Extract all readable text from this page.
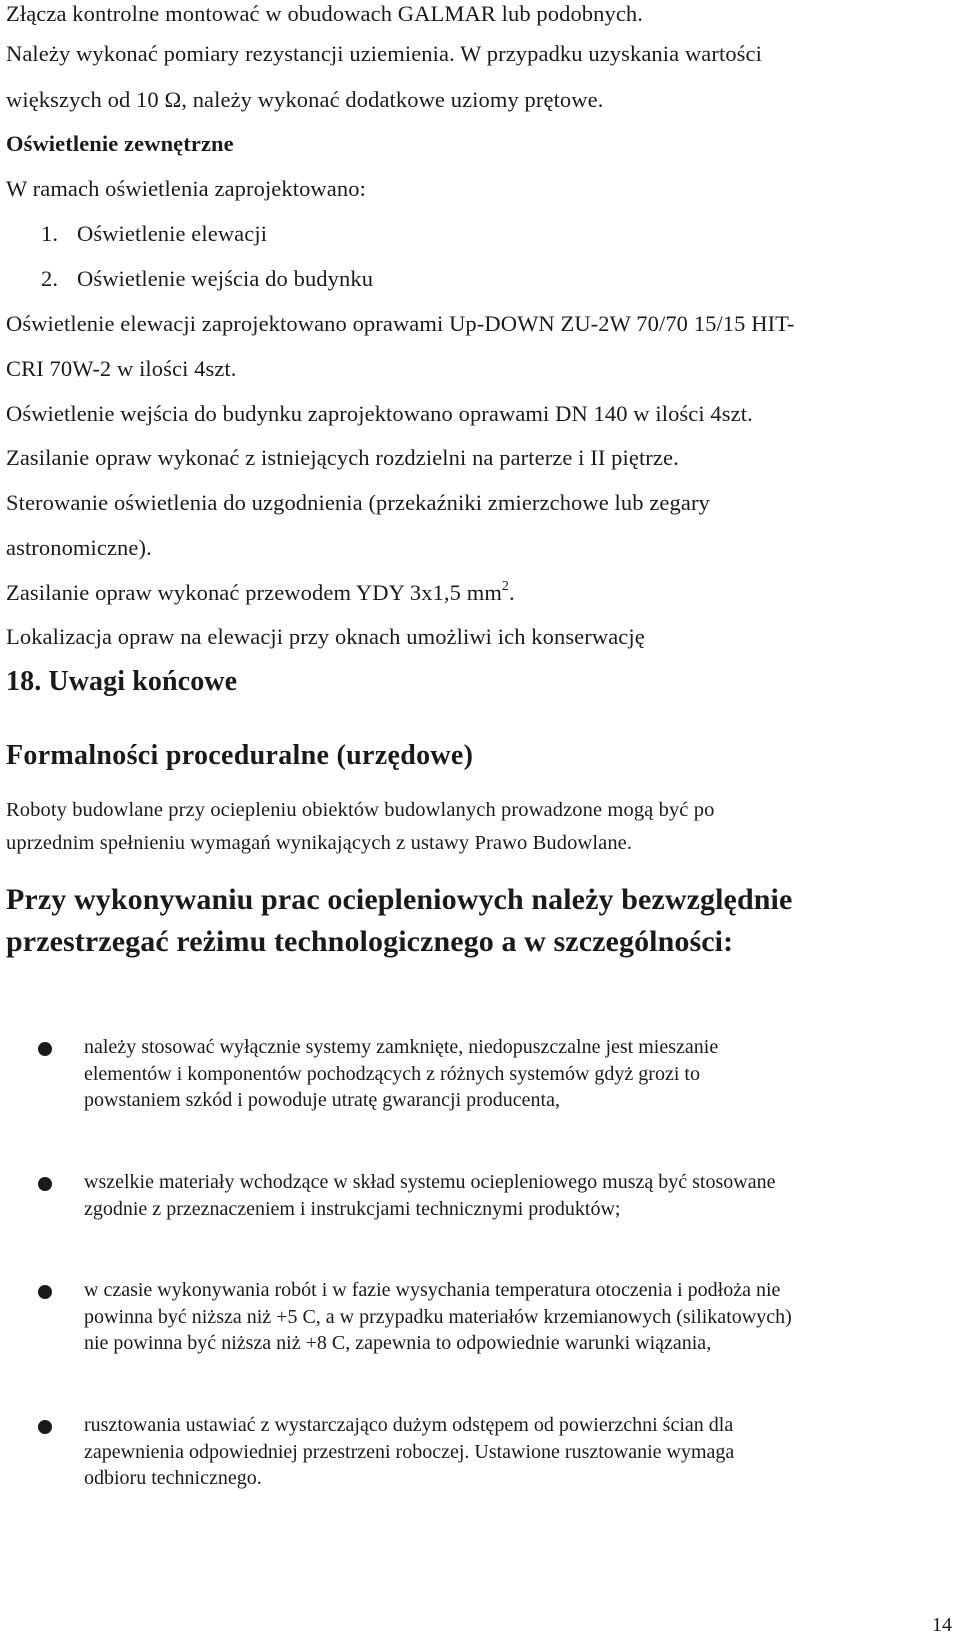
Złącza kontrolne montować w obudowach GALMAR lub podobnych.
Należy wykonać pomiary rezystancji uziemienia. W przypadku uzyskania wartości
większych od 10 Ω, należy wykonać dodatkowe uziomy prętowe.
Oświetlenie zewnętrzne
W ramach oświetlenia zaprojektowano:
1. Oświetlenie elewacji
2. Oświetlenie wejścia do budynku
Oświetlenie elewacji zaprojektowano oprawami Up-DOWN ZU-2W 70/70 15/15 HIT-
CRI 70W-2 w ilości 4szt.
Oświetlenie wejścia do budynku zaprojektowano oprawami DN 140 w ilości 4szt.
Zasilanie opraw wykonać z istniejących rozdzielni na parterze i II piętrze.
Sterowanie oświetlenia do uzgodnienia (przekaźniki zmierzchowe lub zegary
astronomiczne).
Zasilanie opraw wykonać przewodem YDY 3x1,5 $mm^2$.
Lokalizacja opraw na elewacji przy oknach umożliwi ich konserwację
18. Uwagi końcowe
Formalności proceduralne (urzędowe)
Roboty budowlane przy ociepleniu obiektów budowlanych prowadzone mogą być po
uprzednim spełnieniu wymagań wynikających z ustawy Prawo Budowlane.
Przy wykonywaniu prac ociepleniowych należy bezwzględnie
przestrzegać reżimu technologicznego a w szczególności:
należy stosować wyłącznie systemy zamknięte, niedopuszczalne jest mieszanie
elementów i komponentów pochodzących z różnych systemów gdyż grozi to
powstaniem szkód i powoduje utratę gwarancji producenta,
wszelkie materiały wchodzące w skład systemu ociepleniowego muszą być stosowane
zgodnie z przeznaczeniem i instrukcjami technicznymi produktów;
w czasie wykonywania robót i w fazie wysychania temperatura otoczenia i podłoża nie
powinna być niższa niż +5 C, a w przypadku materiałów krzemianowych (silikatowych)
nie powinna być niższa niż +8 C, zapewnia to odpowiednie warunki wiązania,
rusztowania ustawiać z wystarczająco dużym odstępem od powierzchni ścian dla
zapewnienia odpowiedniej przestrzeni roboczej. Ustawione rusztowanie wymaga
odbioru technicznego.
14
